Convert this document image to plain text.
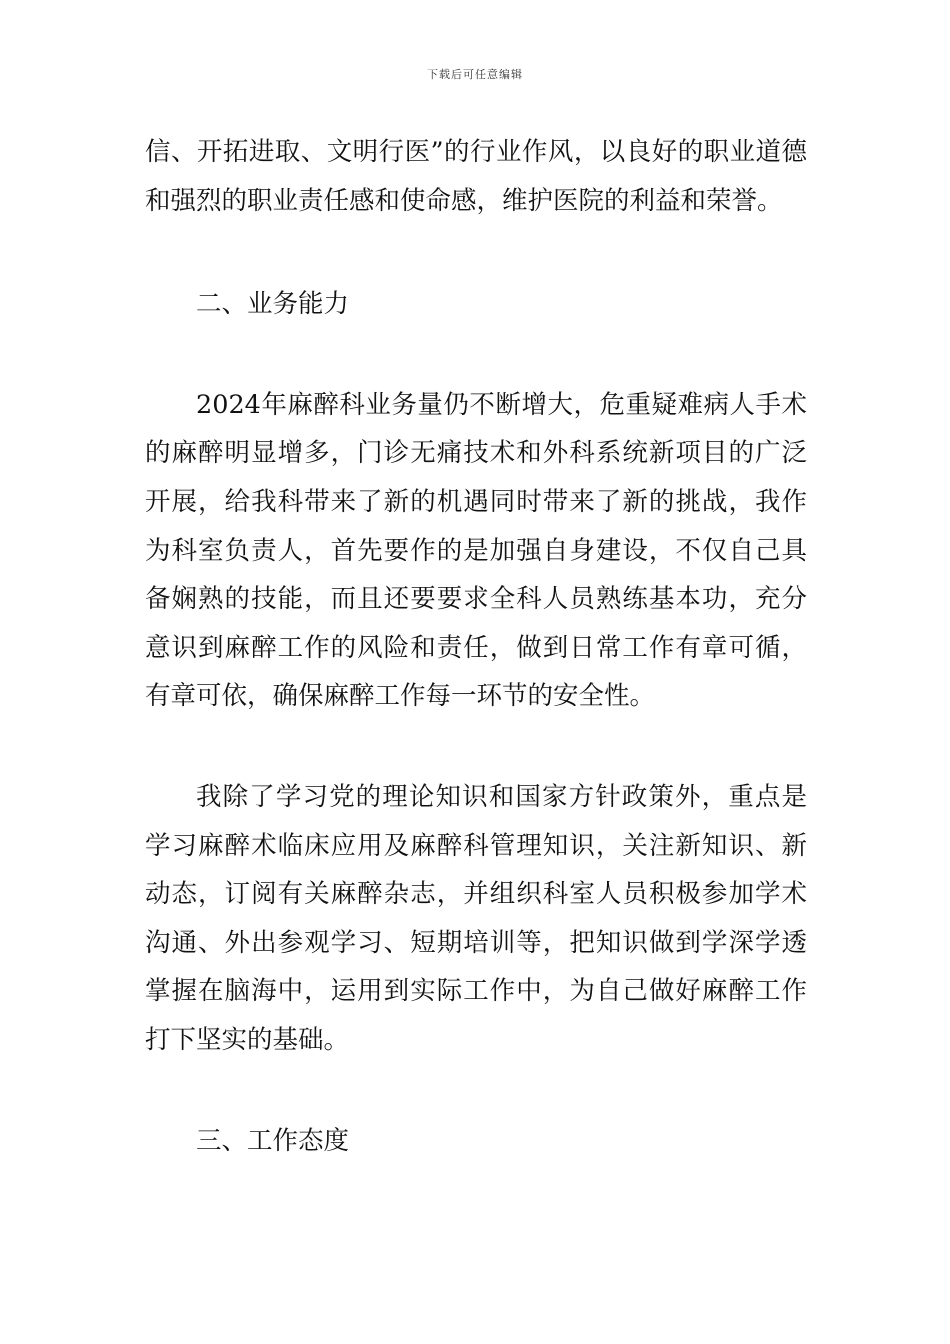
下载后可任意编辑

信、开拓进取、文明行医”的行业作风，以良好的职业道德和强烈的职业责任感和使命感，维护医院的利益和荣誉。

二、业务能力

2024年麻醉科业务量仍不断增大，危重疑难病人手术的麻醉明显增多，门诊无痛技术和外科系统新项目的广泛开展，给我科带来了新的机遇同时带来了新的挑战，我作为科室负责人，首先要作的是加强自身建设，不仅自己具备娴熟的技能，而且还要要求全科人员熟练基本功，充分意识到麻醉工作的风险和责任，做到日常工作有章可循，有章可依，确保麻醉工作每一环节的安全性。

我除了学习党的理论知识和国家方针政策外，重点是学习麻醉术临床应用及麻醉科管理知识，关注新知识、新动态，订阅有关麻醉杂志，并组织科室人员积极参加学术沟通、外出参观学习、短期培训等，把知识做到学深学透掌握在脑海中，运用到实际工作中，为自己做好麻醉工作打下坚实的基础。

三、工作态度
